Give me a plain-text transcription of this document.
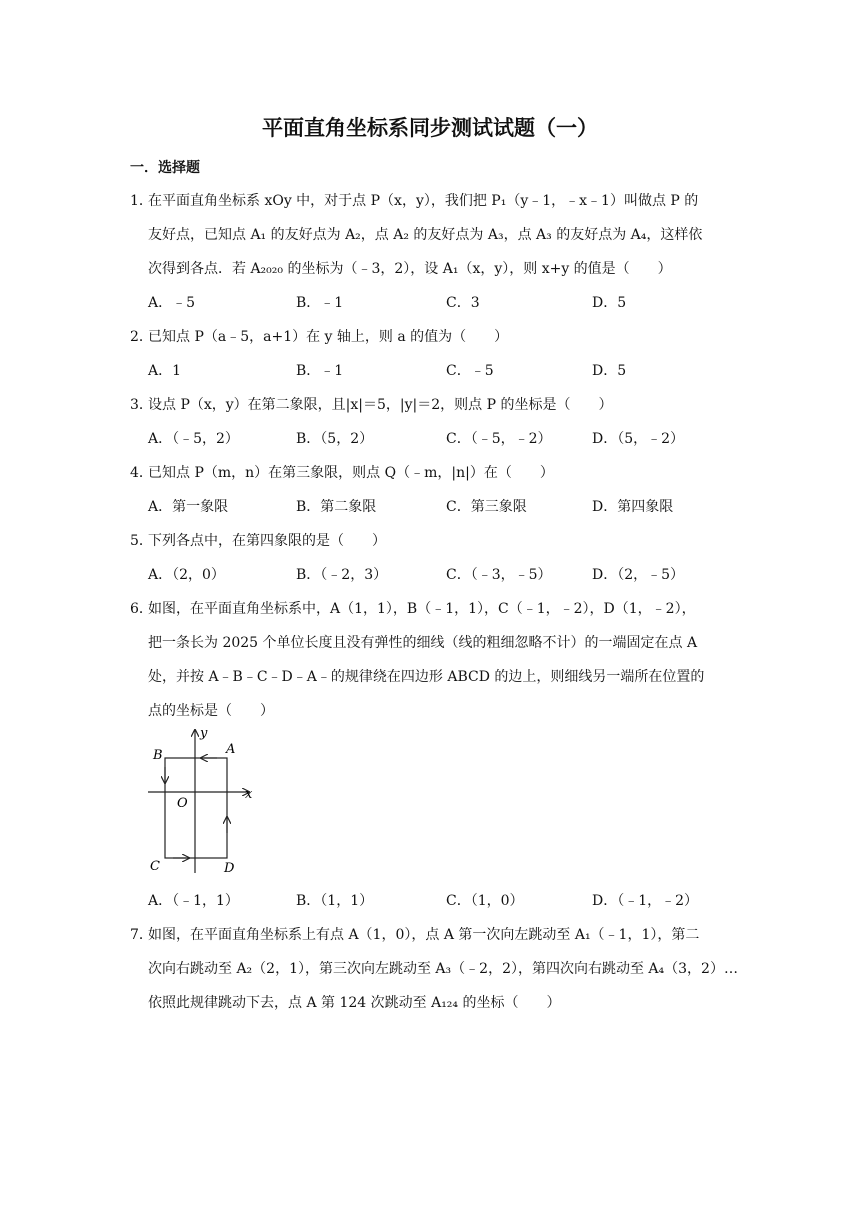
平面直角坐标系同步测试试题（一）
一．选择题
1．在平面直角坐标系 xOy 中，对于点 P（x，y），我们把 P₁（y﹣1，﹣x﹣1）叫做点 P 的
友好点，已知点 A₁ 的友好点为 A₂，点 A₂ 的友好点为 A₃，点 A₃ 的友好点为 A₄，这样依
次得到各点．若 A₂₀₂₀ 的坐标为（﹣3，2），设 A₁（x，y），则 x+y 的值是（　　）
A．﹣5	B．﹣1	C．3	D．5
2．已知点 P（a﹣5，a+1）在 y 轴上，则 a 的值为（　　）
A．1	B．﹣1	C．﹣5	D．5
3．设点 P（x，y）在第二象限，且|x|＝5，|y|＝2，则点 P 的坐标是（　　）
A．（﹣5，2）	B．（5，2）	C．（﹣5，﹣2）	D．（5，﹣2）
4．已知点 P（m，n）在第三象限，则点 Q（﹣m，|n|）在（　　）
A．第一象限	B．第二象限	C．第三象限	D．第四象限
5．下列各点中，在第四象限的是（　　）
A．（2，0）	B．（﹣2，3）	C．（﹣3，﹣5）	D．（2，﹣5）
6．如图，在平面直角坐标系中，A（1，1），B（﹣1，1），C（﹣1，﹣2），D（1，﹣2），
把一条长为 2025 个单位长度且没有弹性的细线（线的粗细忽略不计）的一端固定在点 A
处，并按 A﹣B﹣C﹣D﹣A﹣的规律绕在四边形 ABCD 的边上，则细线另一端所在位置的
点的坐标是（　　）
y
x
A
B
O
C	D
A．（﹣1，1）	B．（1，1）	C．（1，0）	D．（﹣1，﹣2）
7．如图，在平面直角坐标系上有点 A（1，0），点 A 第一次向左跳动至 A₁（﹣1，1），第二
次向右跳动至 A₂（2，1），第三次向左跳动至 A₃（﹣2，2），第四次向右跳动至 A₄（3，2）…
依照此规律跳动下去，点 A 第 124 次跳动至 A₁₂₄ 的坐标（　　）
